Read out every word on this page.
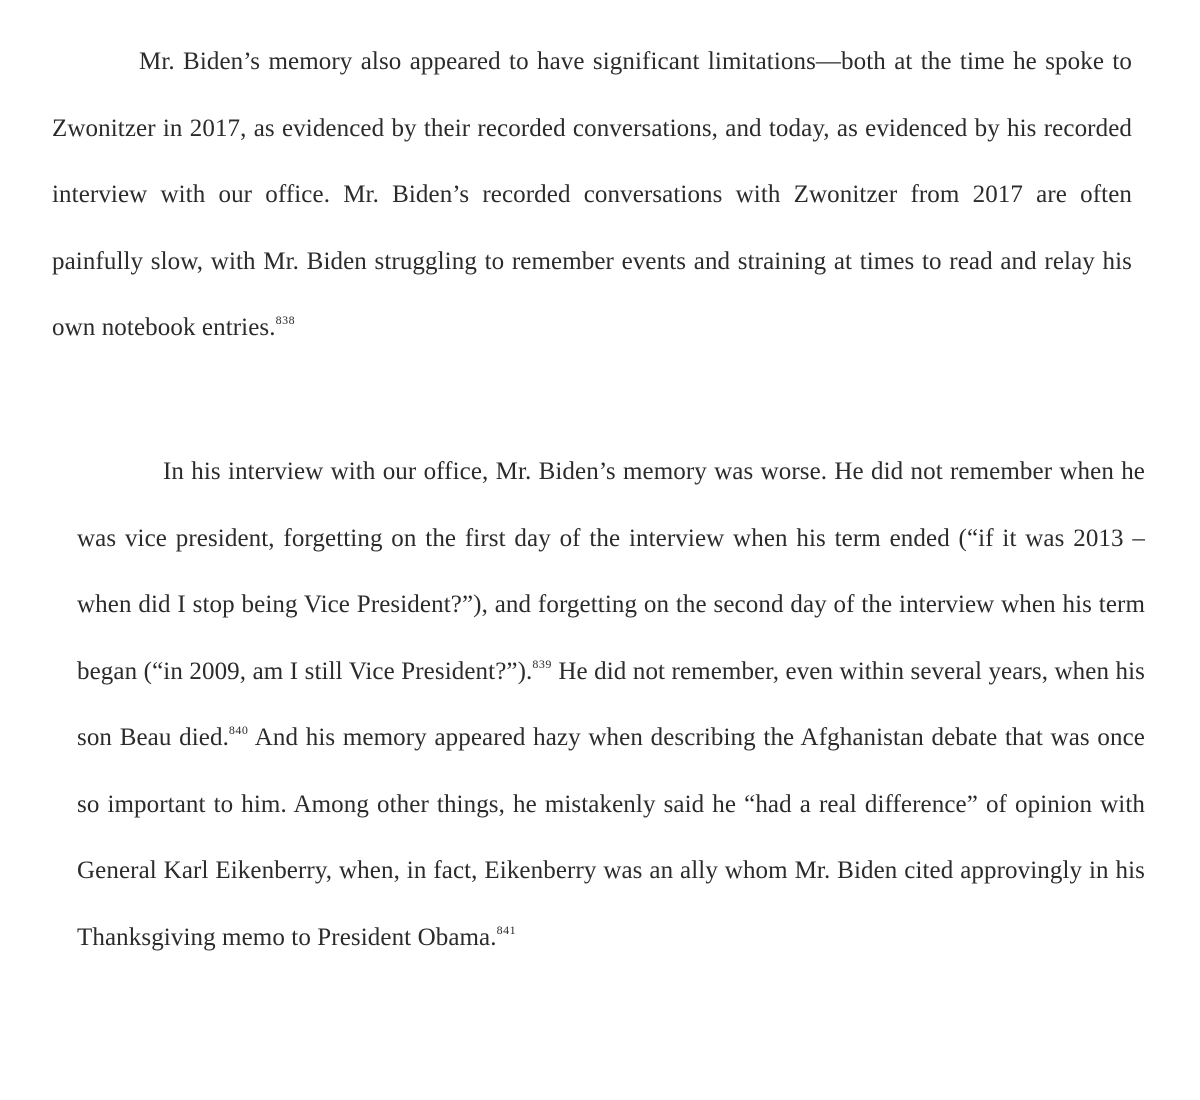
Mr. Biden’s memory also appeared to have significant limitations—both at the time he spoke to Zwonitzer in 2017, as evidenced by their recorded conversations, and today, as evidenced by his recorded interview with our office. Mr. Biden’s recorded conversations with Zwonitzer from 2017 are often painfully slow, with Mr. Biden struggling to remember events and straining at times to read and relay his own notebook entries.$^{838}$

In his interview with our office, Mr. Biden’s memory was worse. He did not remember when he was vice president, forgetting on the first day of the interview when his term ended (“if it was 2013 – when did I stop being Vice President?”), and forgetting on the second day of the interview when his term began (“in 2009, am I still Vice President?”).$^{839}$ He did not remember, even within several years, when his son Beau died.$^{840}$ And his memory appeared hazy when describing the Afghanistan debate that was once so important to him. Among other things, he mistakenly said he “had a real difference” of opinion with General Karl Eikenberry, when, in fact, Eikenberry was an ally whom Mr. Biden cited approvingly in his Thanksgiving memo to President Obama.$^{841}$
